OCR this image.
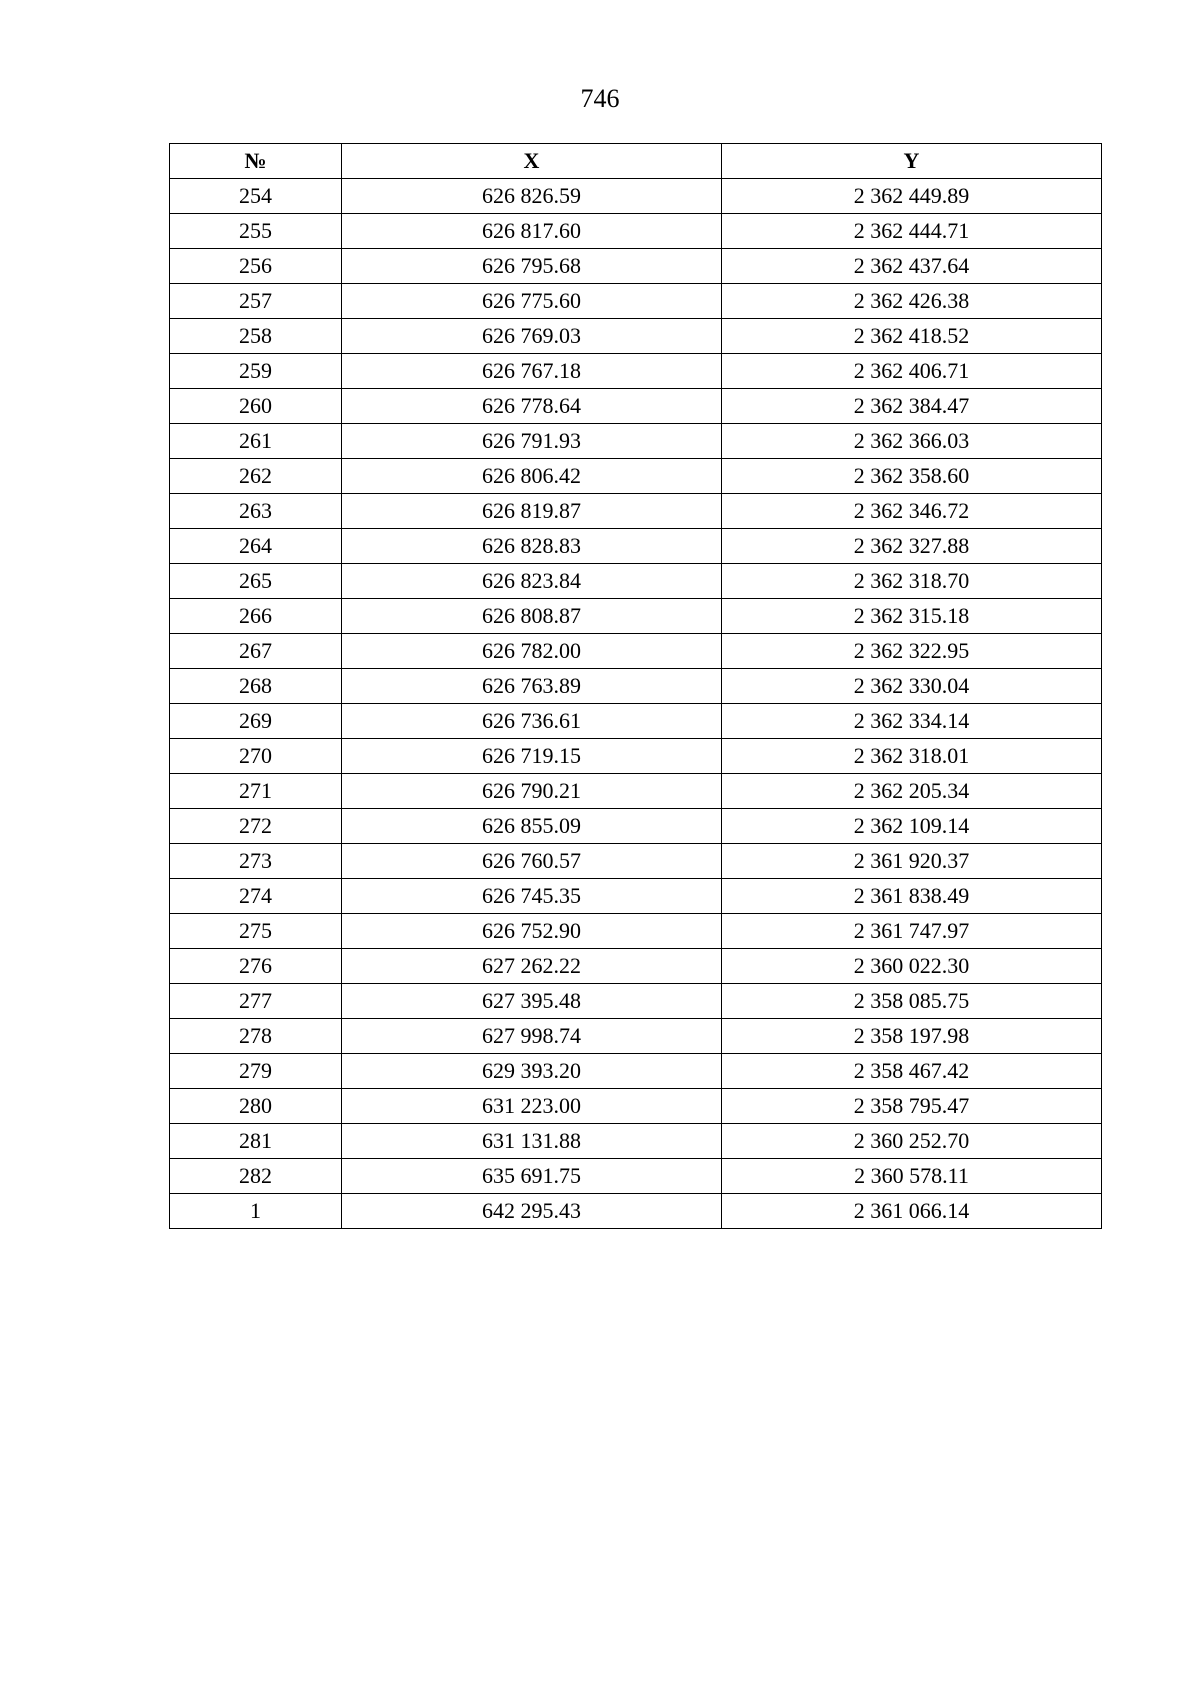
746
№	X	Y
254	626 826.59	2 362 449.89
255	626 817.60	2 362 444.71
256	626 795.68	2 362 437.64
257	626 775.60	2 362 426.38
258	626 769.03	2 362 418.52
259	626 767.18	2 362 406.71
260	626 778.64	2 362 384.47
261	626 791.93	2 362 366.03
262	626 806.42	2 362 358.60
263	626 819.87	2 362 346.72
264	626 828.83	2 362 327.88
265	626 823.84	2 362 318.70
266	626 808.87	2 362 315.18
267	626 782.00	2 362 322.95
268	626 763.89	2 362 330.04
269	626 736.61	2 362 334.14
270	626 719.15	2 362 318.01
271	626 790.21	2 362 205.34
272	626 855.09	2 362 109.14
273	626 760.57	2 361 920.37
274	626 745.35	2 361 838.49
275	626 752.90	2 361 747.97
276	627 262.22	2 360 022.30
277	627 395.48	2 358 085.75
278	627 998.74	2 358 197.98
279	629 393.20	2 358 467.42
280	631 223.00	2 358 795.47
281	631 131.88	2 360 252.70
282	635 691.75	2 360 578.11
1	642 295.43	2 361 066.14
